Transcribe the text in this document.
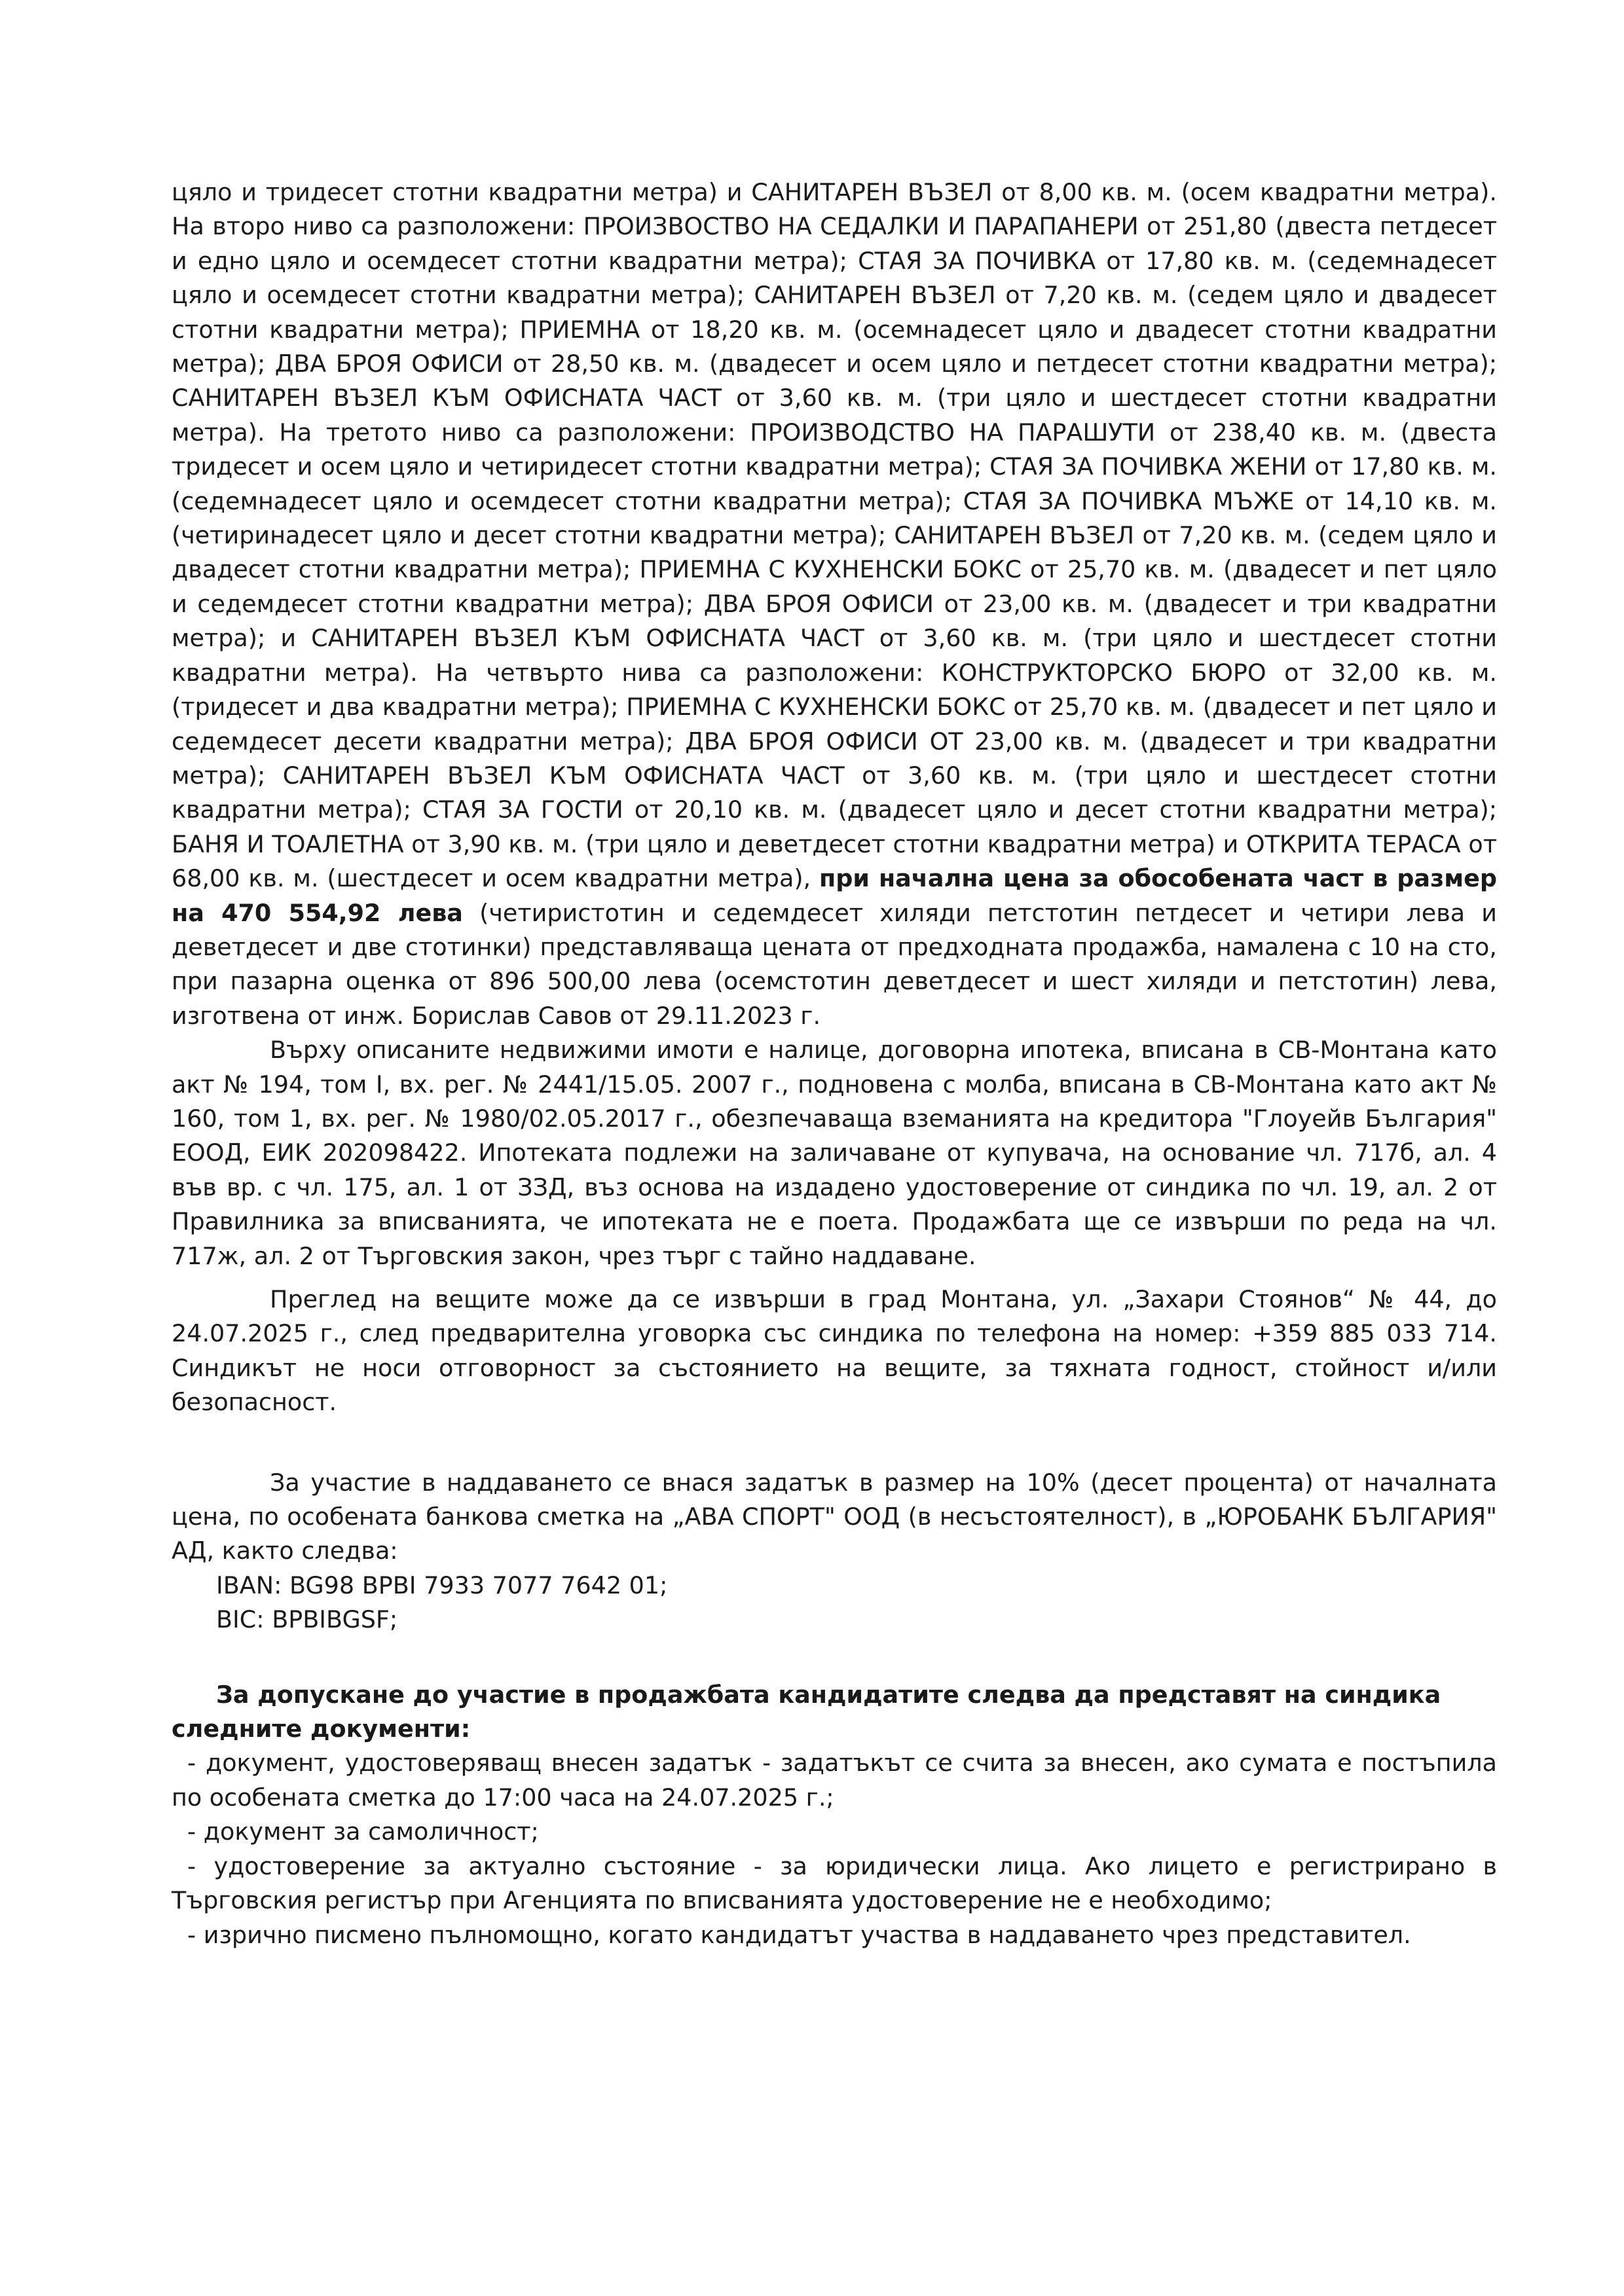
цяло и тридесет стотни квадратни метра) и САНИТАРЕН ВЪЗЕЛ от 8,00 кв. м. (осем квадратни метра). На второ ниво са разположени: ПРОИЗВОСТВО НА СЕДАЛКИ И ПАРАПАНЕРИ от 251,80 (двеста петдесет и едно цяло и осемдесет стотни квадратни метра); СТАЯ ЗА ПОЧИВКА от 17,80 кв. м. (седемнадесет цяло и осемдесет стотни квадратни метра); САНИТАРЕН ВЪЗЕЛ от 7,20 кв. м. (седем цяло и двадесет стотни квадратни метра); ПРИЕМНА от 18,20 кв. м. (осемнадесет цяло и двадесет стотни квадратни метра); ДВА БРОЯ ОФИСИ от 28,50 кв. м. (двадесет и осем цяло и петдесет стотни квадратни метра); САНИТАРЕН ВЪЗЕЛ КЪМ ОФИСНАТА ЧАСТ от 3,60 кв. м. (три цяло и шестдесет стотни квадратни метра). На третото ниво са разположени: ПРОИЗВОДСТВО НА ПАРАШУТИ от 238,40 кв. м. (двеста тридесет и осем цяло и четиридесет стотни квадратни метра); СТАЯ ЗА ПОЧИВКА ЖЕНИ от 17,80 кв. м. (седемнадесет цяло и осемдесет стотни квадратни метра); СТАЯ ЗА ПОЧИВКА МЪЖЕ от 14,10 кв. м. (четиринадесет цяло и десет стотни квадратни метра); САНИТАРЕН ВЪЗЕЛ от 7,20 кв. м. (седем цяло и двадесет стотни квадратни метра); ПРИЕМНА С КУХНЕНСКИ БОКС от 25,70 кв. м. (двадесет и пет цяло и седемдесет стотни квадратни метра); ДВА БРОЯ ОФИСИ от 23,00 кв. м. (двадесет и три квадратни метра); и САНИТАРЕН ВЪЗЕЛ КЪМ ОФИСНАТА ЧАСТ от 3,60 кв. м. (три цяло и шестдесет стотни квадратни метра). На четвърто нива са разположени: КОНСТРУКТОРСКО БЮРО от 32,00 кв. м. (тридесет и два квадратни метра); ПРИЕМНА С КУХНЕНСКИ БОКС от 25,70 кв. м. (двадесет и пет цяло и седемдесет десети квадратни метра); ДВА БРОЯ ОФИСИ ОТ 23,00 кв. м. (двадесет и три квадратни метра); САНИТАРЕН ВЪЗЕЛ КЪМ ОФИСНАТА ЧАСТ от 3,60 кв. м. (три цяло и шестдесет стотни квадратни метра); СТАЯ ЗА ГОСТИ от 20,10 кв. м. (двадесет цяло и десет стотни квадратни метра); БАНЯ И ТОАЛЕТНА от 3,90 кв. м. (три цяло и деветдесет стотни квадратни метра) и ОТКРИТА ТЕРАСА от 68,00 кв. м. (шестдесет и осем квадратни метра), при начална цена за обособената част в размер на 470 554,92 лева (четиристотин и седемдесет хиляди петстотин петдесет и четири лева и деветдесет и две стотинки) представляваща цената от предходната продажба, намалена с 10 на сто, при пазарна оценка от 896 500,00 лева (осемстотин деветдесет и шест хиляди и петстотин) лева, изготвена от инж. Борислав Савов от 29.11.2023 г.

Върху описаните недвижими имоти е налице, договорна ипотека, вписана в СВ-Монтана като акт № 194, том I, вх. рег. № 2441/15.05. 2007 г., подновена с молба, вписана в СВ-Монтана като акт № 160, том 1, вх. рег. № 1980/02.05.2017 г., обезпечаваща вземанията на кредитора "Глоуейв България" ЕООД, ЕИК 202098422. Ипотеката подлежи на заличаване от купувача, на основание чл. 717б, ал. 4 във вр. с чл. 175, ал. 1 от ЗЗД, въз основа на издадено удостоверение от синдика по чл. 19, ал. 2 от Правилника за вписванията, че ипотеката не е поета. Продажбата ще се извърши по реда на чл. 717ж, ал. 2 от Търговския закон, чрез търг с тайно наддаване.

Преглед на вещите може да се извърши в град Монтана, ул. „Захари Стоянов“ № 44, до 24.07.2025 г., след предварителна уговорка със синдика по телефона на номер: +359 885 033 714. Синдикът не носи отговорност за състоянието на вещите, за тяхната годност, стойност и/или безопасност.

За участие в наддаването се внася задатък в размер на 10% (десет процента) от началната цена, по особената банкова сметка на „АВА СПОРТ" ООД (в несъстоятелност), в „ЮРОБАНК БЪЛГАРИЯ" АД, както следва:

IBAN: BG98 BPBI 7933 7077 7642 01;

BIC: BPBIBGSF;

За допускане до участие в продажбата кандидатите следва да представят на синдика следните документи:

- документ, удостоверяващ внесен задатък - задатъкът се счита за внесен, ако сумата е постъпила по особената сметка до 17:00 часа на 24.07.2025 г.;

- документ за самоличност;

- удостоверение за актуално състояние - за юридически лица. Ако лицето е регистрирано в Търговския регистър при Агенцията по вписванията удостоверение не е необходимо;

- изрично писмено пълномощно, когато кандидатът участва в наддаването чрез представител.
